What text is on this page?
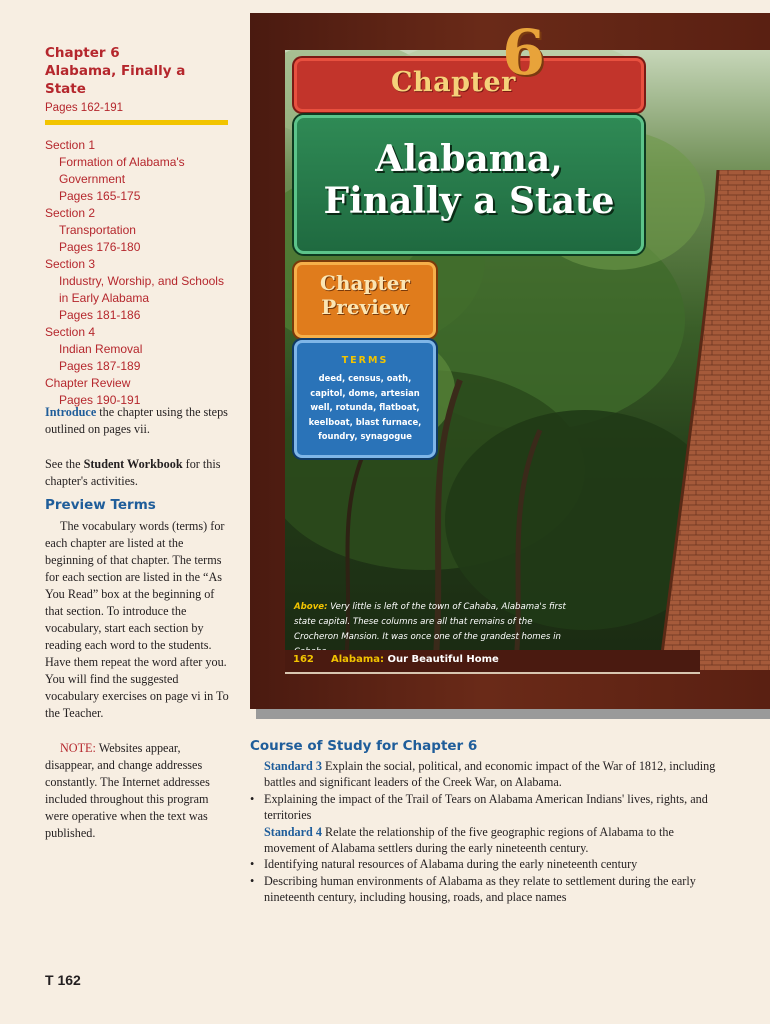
Chapter 6
Alabama, Finally a State
Pages 162-191
Section 1
Formation of Alabama's
Government
Pages 165-175
Section 2
Transportation
Pages 176-180
Section 3
Industry, Worship, and Schools
in Early Alabama
Pages 181-186
Section 4
Indian Removal
Pages 187-189
Chapter Review
Pages 190-191
Introduce the chapter using the steps outlined on pages vii.
See the Student Workbook for this chapter's activities.
Preview Terms
The vocabulary words (terms) for each chapter are listed at the beginning of that chapter. The terms for each section are listed in the “As You Read” box at the beginning of that section. To introduce the vocabulary, start each section by reading each word to the students. Have them repeat the word after you. You will find the suggested vocabulary exercises on page vi in To the Teacher.
NOTE: Websites appear, disappear, and change addresses constantly. The Internet addresses included throughout this program were operative when the text was published.
Chapter
6
Alabama,
Finally a State
Chapter
Preview
TERMS
deed, census, oath, capitol, dome, artesian well, rotunda, flatboat, keelboat, blast furnace, foundry, synagogue
Above: Very little is left of the town of Cahaba, Alabama's first state capital. These columns are all that remains of the Crocheron Mansion. It was once one of the grandest homes in
162 Alabama: Our Beautiful Home
Course of Study for Chapter 6
Standard 3 Explain the social, political, and economic impact of the War of 1812, including battles and significant leaders of the Creek War, on Alabama.
• Explaining the impact of the Trail of Tears on Alabama American Indians' lives, rights, and territories
Standard 4 Relate the relationship of the five geographic regions of Alabama to the movement of Alabama settlers during the early nineteenth century.
• Identifying natural resources of Alabama during the early nineteenth century
• Describing human environments of Alabama as they relate to settlement during the early nineteenth century, including housing, roads, and place names
T 162
